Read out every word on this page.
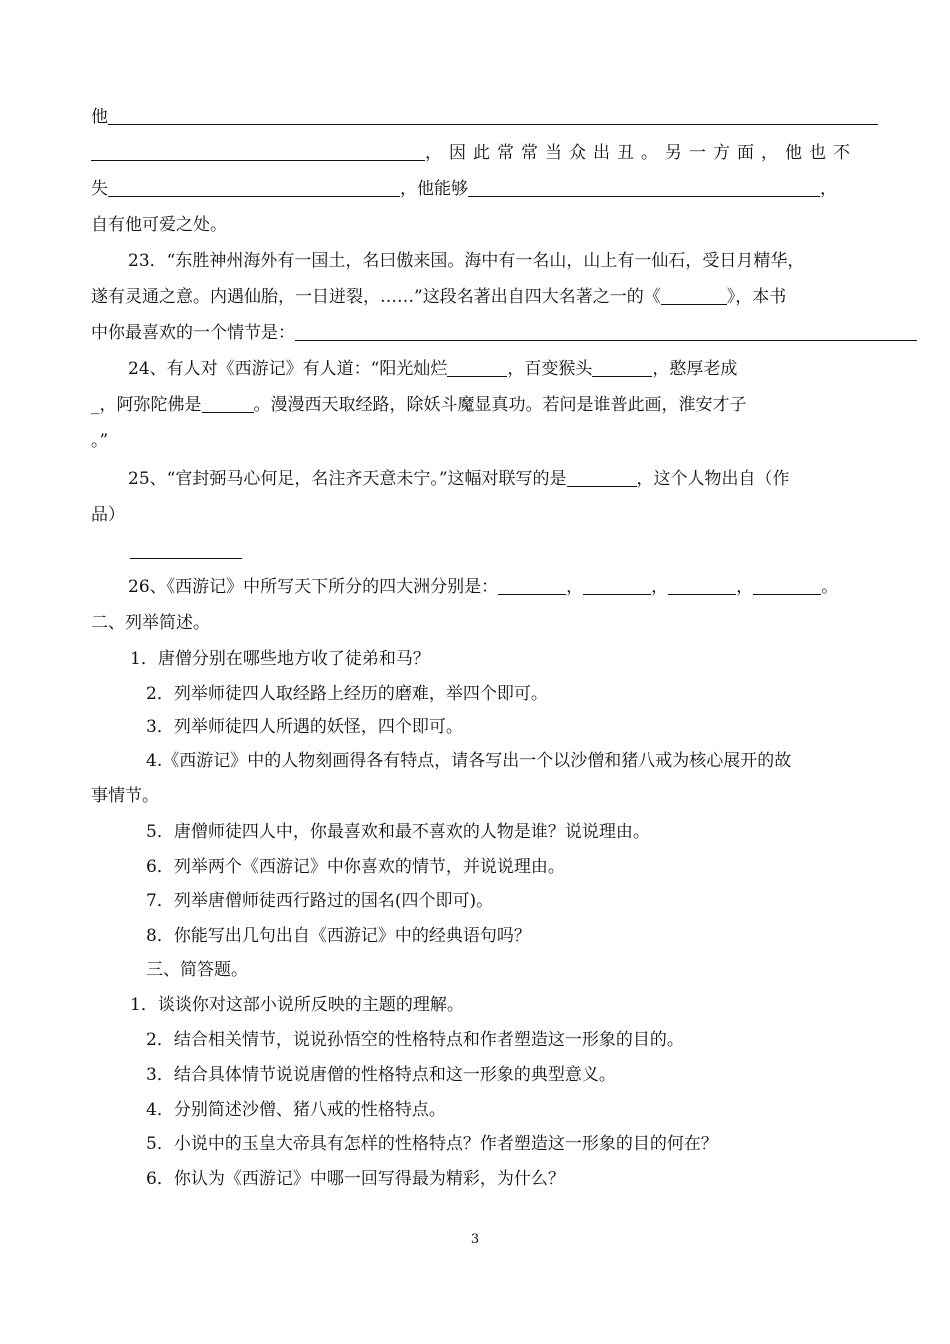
他
，因此常常当众出丑。另一方面，他也不
失	，他能够	，
自有他可爱之处。
23．“东胜神州海外有一国土，名曰傲来国。海中有一名山，山上有一仙石，受日月精华，
遂有灵通之意。内遇仙胎，一日迸裂，……”这段名著出自四大名著之一的《	》，本书
中你最喜欢的一个情节是：
24、有人对《西游记》有人道：“阳光灿烂	，百变猴头	，憨厚老成
_，阿弥陀佛是	。漫漫西天取经路，除妖斗魔显真功。若问是谁普此画，淮安才子
。”
25、“官封弼马心何足，名注齐天意未宁。”这幅对联写的是	，这个人物出自（作
品）
26、《西游记》中所写天下所分的四大洲分别是：	，	，	，	。
二、列举简述。
1．唐僧分别在哪些地方收了徒弟和马？
2．列举师徒四人取经路上经历的磨难，举四个即可。
3．列举师徒四人所遇的妖怪，四个即可。
4.《西游记》中的人物刻画得各有特点，请各写出一个以沙僧和猪八戒为核心展开的故
事情节。
5．唐僧师徒四人中，你最喜欢和最不喜欢的人物是谁？说说理由。
6．列举两个《西游记》中你喜欢的情节，并说说理由。
7．列举唐僧师徒西行路过的国名(四个即可)。
8．你能写出几句出自《西游记》中的经典语句吗？
三、简答题。
1．谈谈你对这部小说所反映的主题的理解。
2．结合相关情节，说说孙悟空的性格特点和作者塑造这一形象的目的。
3．结合具体情节说说唐僧的性格特点和这一形象的典型意义。
4．分别简述沙僧、猪八戒的性格特点。
5．小说中的玉皇大帝具有怎样的性格特点？作者塑造这一形象的目的何在？
6．你认为《西游记》中哪一回写得最为精彩，为什么？
3
